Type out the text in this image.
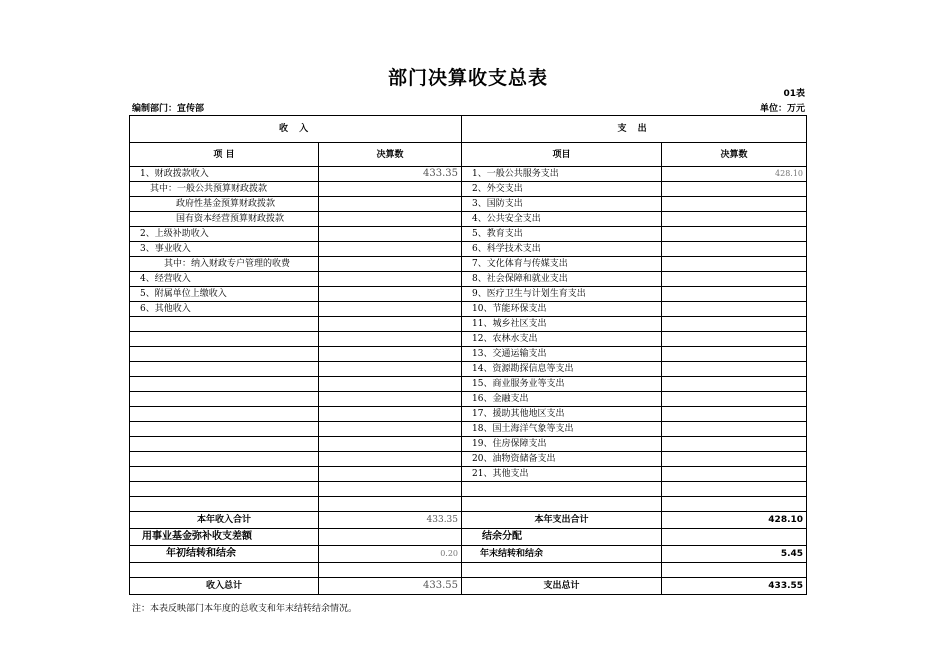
部门决算收支总表
01表
编制部门：宣传部	单位：万元
收 入		支 出	
项 目	决算数	项目	决算数
1、财政拨款收入	433.35	1、一般公共服务支出	428.10
其中：一般公共预算财政拨款		2、外交支出	
政府性基金预算财政拨款		3、国防支出	
国有资本经营预算财政拨款		4、公共安全支出	
2、上级补助收入		5、教育支出	
3、事业收入		6、科学技术支出	
其中：纳入财政专户管理的收费		7、文化体育与传媒支出	
4、经营收入		8、社会保障和就业支出	
5、附属单位上缴收入		9、医疗卫生与计划生育支出	
6、其他收入		10、节能环保支出	
		11、城乡社区支出	
		12、农林水支出	
		13、交通运输支出	
		14、资源勘探信息等支出	
		15、商业服务业等支出	
		16、金融支出	
		17、援助其他地区支出	
		18、国土海洋气象等支出	
		19、住房保障支出	
		20、油物资储备支出	
		21、其他支出	

本年收入合计	433.35	本年支出合计	428.10
用事业基金弥补收支差额		结余分配	
年初结转和结余	0.20	年末结转和结余	5.45

收入总计	433.55	支出总计	433.55
注：本表反映部门本年度的总收支和年末结转结余情况。
